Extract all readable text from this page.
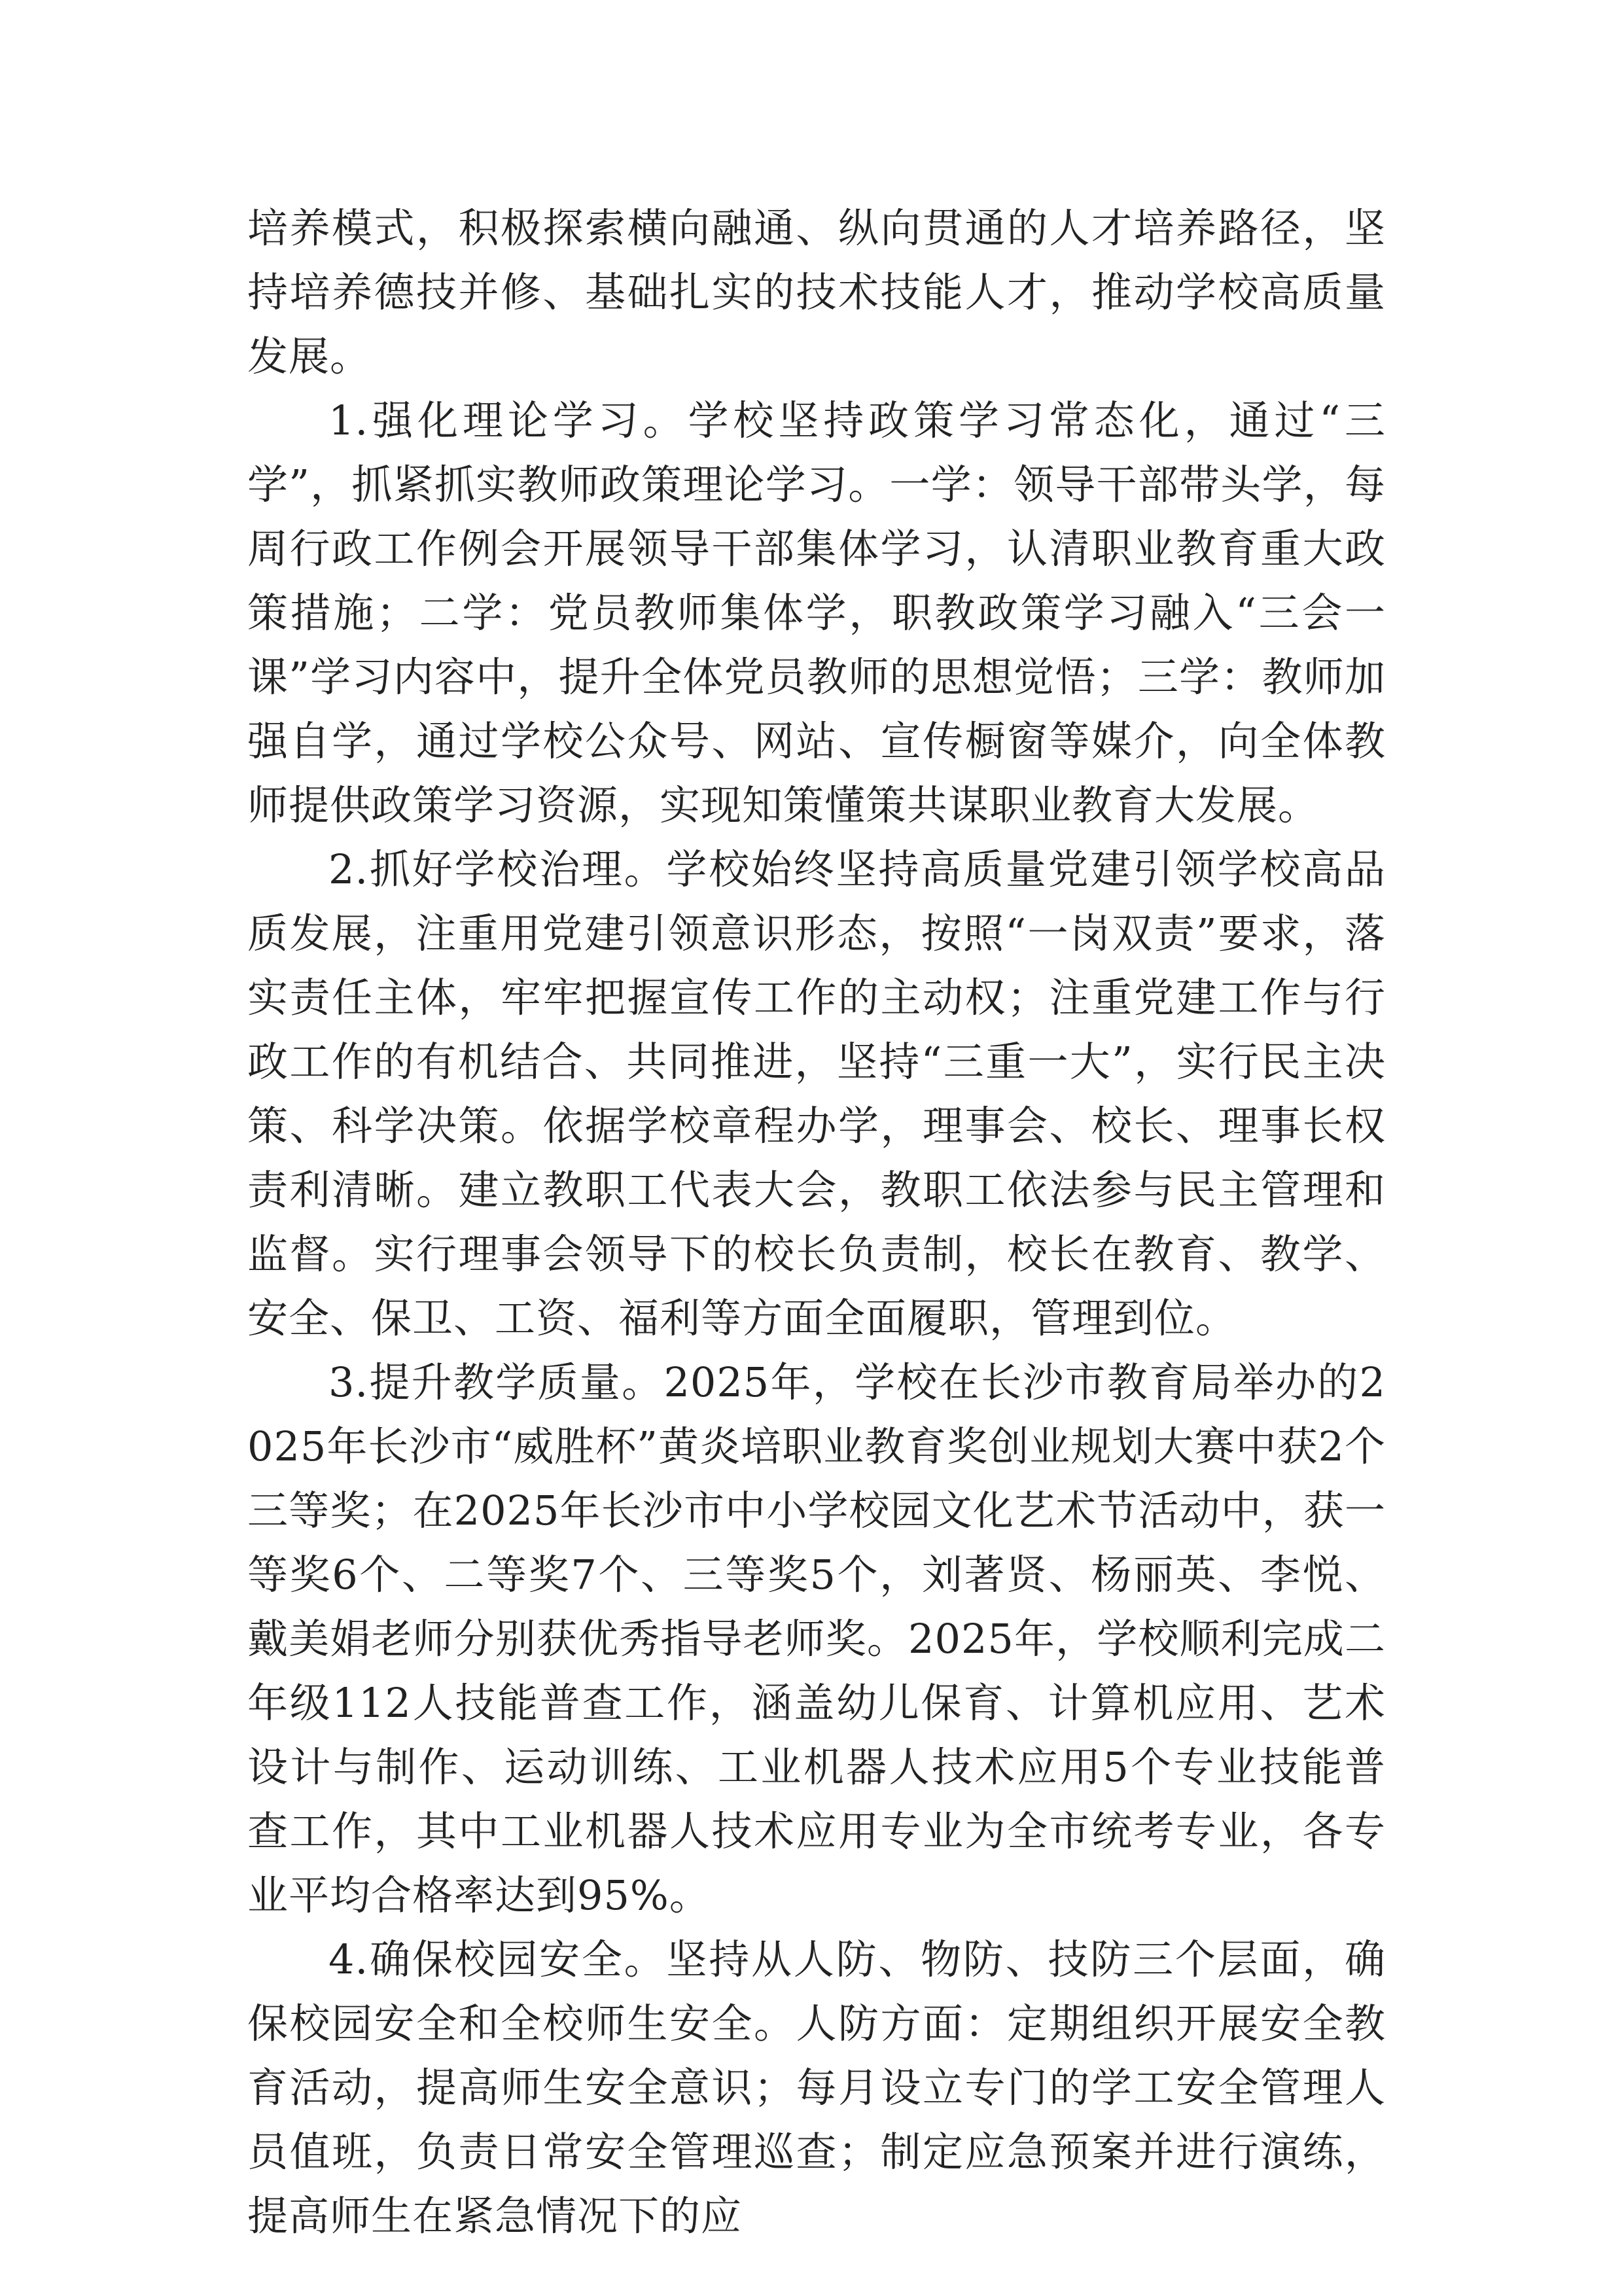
培养模式，积极探索横向融通、纵向贯通的人才培养路径，坚持培养德技并修、基础扎实的技术技能人才，推动学校高质量发展。

1.强化理论学习。学校坚持政策学习常态化，通过“三学”，抓紧抓实教师政策理论学习。一学：领导干部带头学，每周行政工作例会开展领导干部集体学习，认清职业教育重大政策措施；二学：党员教师集体学，职教政策学习融入“三会一课”学习内容中，提升全体党员教师的思想觉悟；三学：教师加强自学，通过学校公众号、网站、宣传橱窗等媒介，向全体教师提供政策学习资源，实现知策懂策共谋职业教育大发展。

2.抓好学校治理。学校始终坚持高质量党建引领学校高品质发展，注重用党建引领意识形态，按照“一岗双责”要求，落实责任主体，牢牢把握宣传工作的主动权；注重党建工作与行政工作的有机结合、共同推进，坚持“三重一大”，实行民主决策、科学决策。依据学校章程办学，理事会、校长、理事长权责利清晰。建立教职工代表大会，教职工依法参与民主管理和监督。实行理事会领导下的校长负责制，校长在教育、教学、安全、保卫、工资、福利等方面全面履职，管理到位。

3.提升教学质量。2025年，学校在长沙市教育局举办的2025年长沙市“威胜杯”黄炎培职业教育奖创业规划大赛中获2个三等奖；在2025年长沙市中小学校园文化艺术节活动中，获一等奖6个、二等奖7个、三等奖5个，刘著贤、杨丽英、李悦、戴美娟老师分别获优秀指导老师奖。2025年，学校顺利完成二年级112人技能普查工作，涵盖幼儿保育、计算机应用、艺术设计与制作、运动训练、工业机器人技术应用5个专业技能普查工作，其中工业机器人技术应用专业为全市统考专业，各专业平均合格率达到95%。

4.确保校园安全。坚持从人防、物防、技防三个层面，确保校园安全和全校师生安全。人防方面：定期组织开展安全教育活动，提高师生安全意识；每月设立专门的学工安全管理人员值班，负责日常安全管理巡查；制定应急预案并进行演练，提高师生在紧急情况下的应
